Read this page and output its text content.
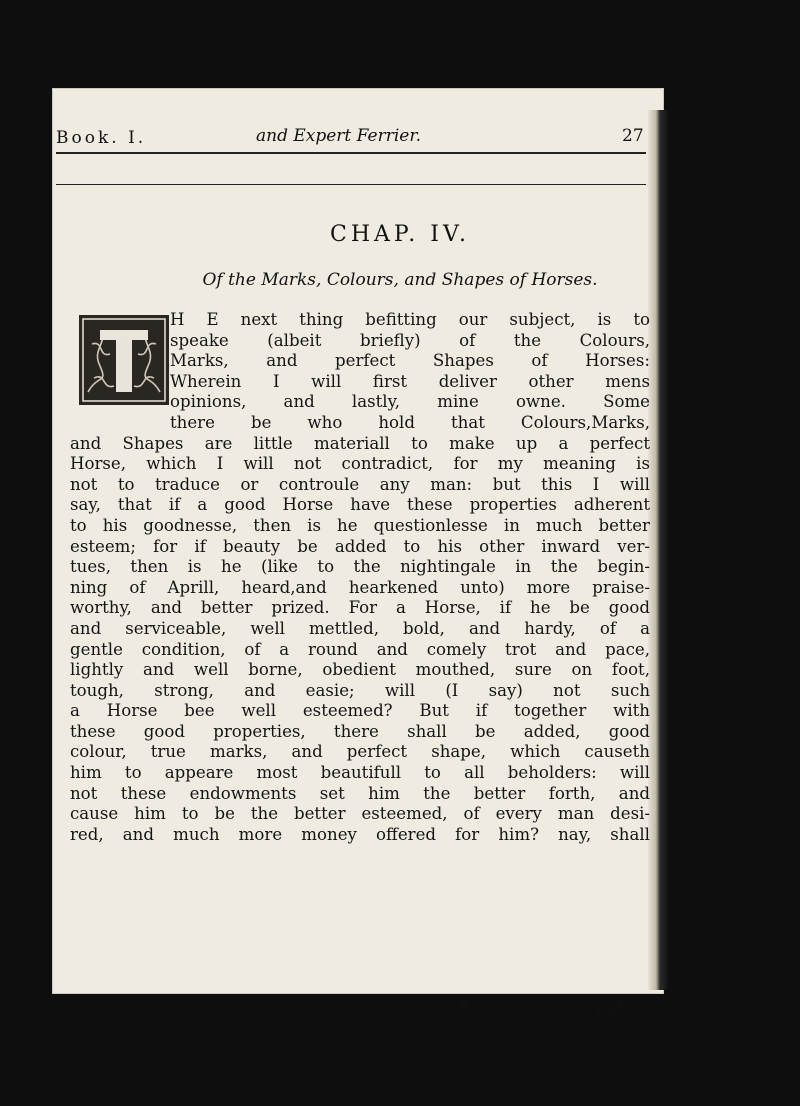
Book. I.	and Expert Ferrier.	27
CHAP. IV.
Of the Marks, Colours, and Shapes of Horses.
H E next thing befitting our subject, is to
speake (albeit briefly) of the Colours,
Marks, and perfect Shapes of Horses:
Wherein I will first deliver other mens
opinions, and lastly, mine owne. Some
there be who hold that Colours,Marks,
and Shapes are little materiall to make up a perfect
Horse, which I will not contradict, for my meaning is
not to traduce or controule any man: but this I will
say, that if a good Horse have these properties adherent
to his goodnesse, then is he questionlesse in much better
esteem; for if beauty be added to his other inward ver-
tues, then is he (like to the nightingale in the begin-
ning of Aprill, heard,and hearkened unto) more praise-
worthy, and better prized. For a Horse, if he be good
and serviceable, well mettled, bold, and hardy, of a
gentle condition, of a round and comely trot and pace,
lightly and well borne, obedient mouthed, sure on foot,
tough, strong, and easie; will (I say) not such
a Horse bee well esteemed? But if together with
these good properties, there shall be added, good
colour, true marks, and perfect shape, which causeth
him to appeare most beautifull to all beholders: will
not these endowments set him the better forth, and
cause him to be the better esteemed, of every man desi-
red, and much more money offered for him? nay, shall
E 2	not
